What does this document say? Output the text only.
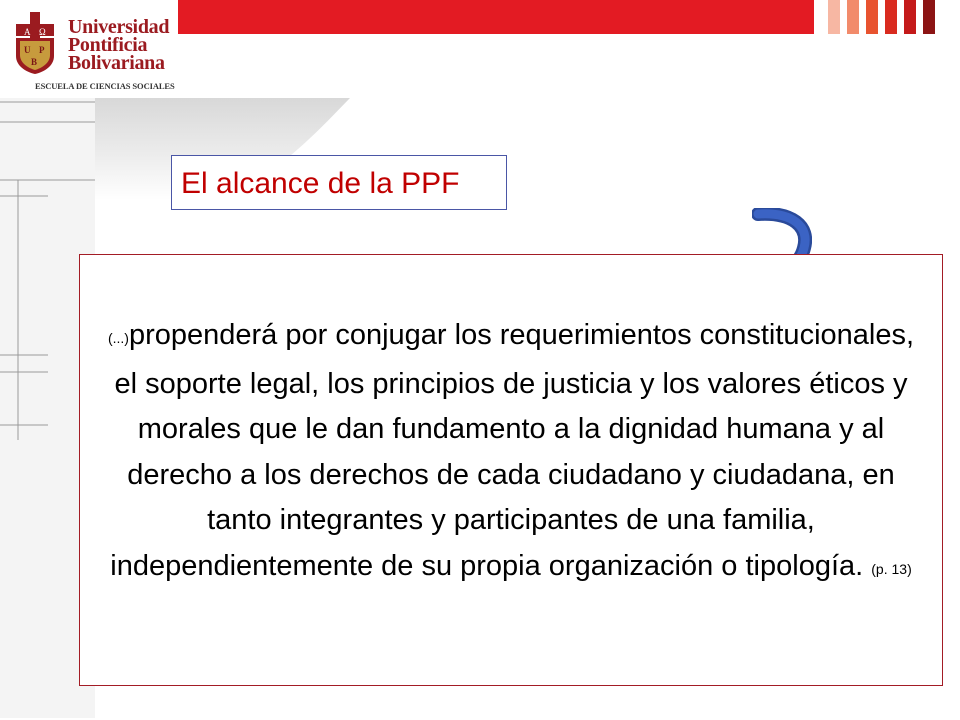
A Ω
U P
B
Universidad
Pontificia
Bolivariana
ESCUELA DE CIENCIAS SOCIALES
El alcance de la PPF
(...)propenderá por conjugar los requerimientos constitucionales, el soporte legal, los principios de justicia y los valores éticos y morales que le dan fundamento a la dignidad humana y al derecho a los derechos de cada ciudadano y ciudadana, en tanto integrantes y participantes de una familia, independientemente de su propia organización o tipología. (p. 13)
